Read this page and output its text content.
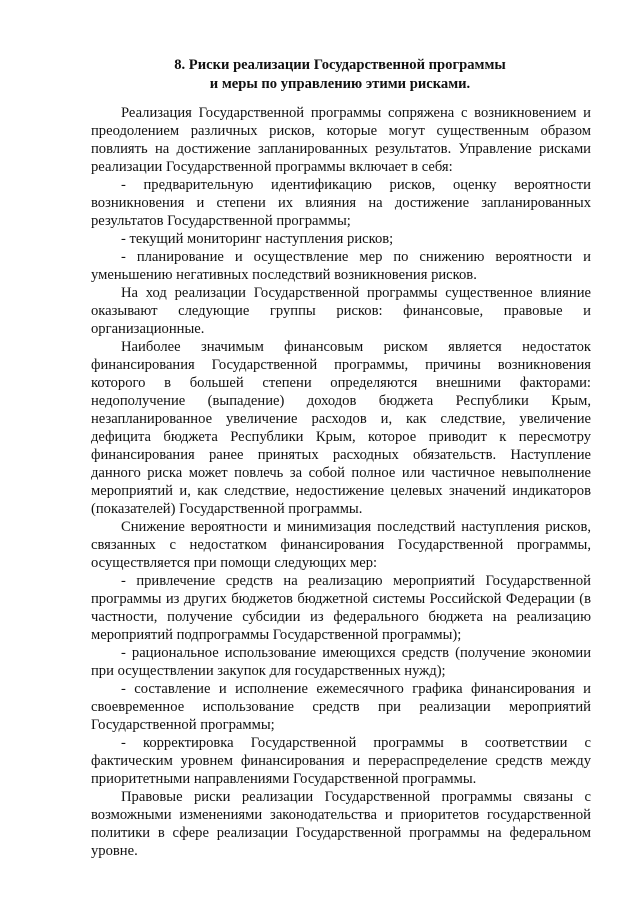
8. Риски реализации Государственной программы
и меры по управлению этими рисками.

Реализация Государственной программы сопряжена с возникновением и преодолением различных рисков, которые могут существенным образом повлиять на достижение запланированных результатов. Управление рисками реализации Государственной программы включает в себя:

- предварительную идентификацию рисков, оценку вероятности возникновения и степени их влияния на достижение запланированных результатов Государственной программы;

- текущий мониторинг наступления рисков;

- планирование и осуществление мер по снижению вероятности и уменьшению негативных последствий возникновения рисков.

На ход реализации Государственной программы существенное влияние оказывают следующие группы рисков: финансовые, правовые и организационные.

Наиболее значимым финансовым риском является недостаток финансирования Государственной программы, причины возникновения которого в большей степени определяются внешними факторами: недополучение (выпадение) доходов бюджета Республики Крым, незапланированное увеличение расходов и, как следствие, увеличение дефицита бюджета Республики Крым, которое приводит к пересмотру финансирования ранее принятых расходных обязательств. Наступление данного риска может повлечь за собой полное или частичное невыполнение мероприятий и, как следствие, недостижение целевых значений индикаторов (показателей) Государственной программы.

Снижение вероятности и минимизация последствий наступления рисков, связанных с недостатком финансирования Государственной программы, осуществляется при помощи следующих мер:

- привлечение средств на реализацию мероприятий Государственной программы из других бюджетов бюджетной системы Российской Федерации (в частности, получение субсидии из федерального бюджета на реализацию мероприятий подпрограммы Государственной программы);

- рациональное использование имеющихся средств (получение экономии при осуществлении закупок для государственных нужд);

- составление и исполнение ежемесячного графика финансирования и своевременное использование средств при реализации мероприятий Государственной программы;

- корректировка Государственной программы в соответствии с фактическим уровнем финансирования и перераспределение средств между приоритетными направлениями Государственной программы.

Правовые риски реализации Государственной программы связаны с возможными изменениями законодательства и приоритетов государственной политики в сфере реализации Государственной программы на федеральном уровне.
